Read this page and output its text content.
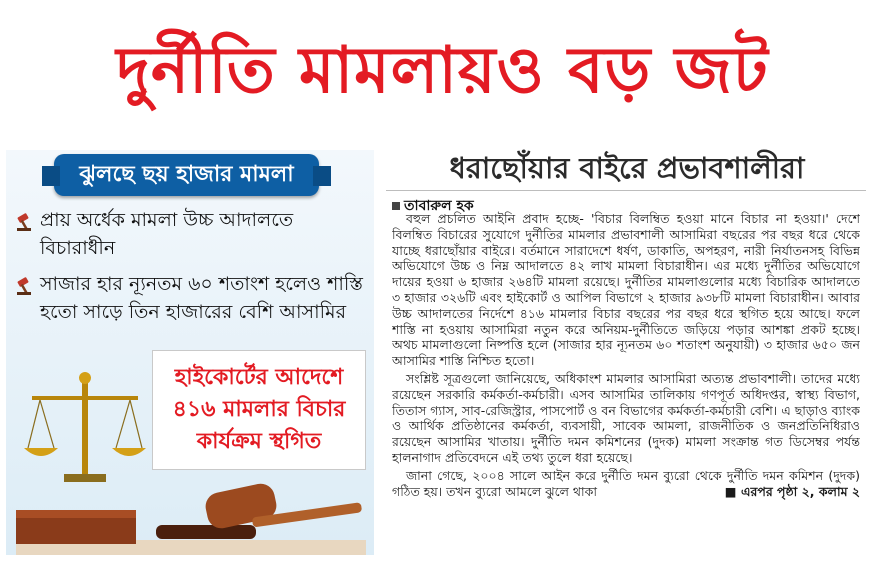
দুর্নীতি মামলায়ও বড় জট
ঝুলছে ছয় হাজার মামলা
প্রায় অর্ধেক মামলা উচ্চ আদালতে বিচারাধীন
সাজার হার ন্যূনতম ৬০ শতাংশ হলেও শাস্তি হতো সাড়ে তিন হাজারের বেশি আসামির
হাইকোর্টের আদেশে ৪১৬ মামলার বিচার কার্যক্রম স্থগিত
ধরাছোঁয়ার বাইরে প্রভাবশালীরা
তাবারুল হক

বহুল প্রচলিত আইনি প্রবাদ হচ্ছে- 'বিচার বিলম্বিত হওয়া মানে বিচার না হওয়া।' দেশে বিলম্বিত বিচারের সুযোগে দুর্নীতির মামলার প্রভাবশালী আসামিরা বছরের পর বছর ধরে থেকে যাচ্ছে ধরাছোঁয়ার বাইরে। বর্তমানে সারাদেশে ধর্ষণ, ডাকাতি, অপহরণ, নারী নির্যাতনসহ বিভিন্ন অভিযোগে উচ্চ ও নিম্ন আদালতে ৪২ লাখ মামলা বিচারাধীন। এর মধ্যে দুর্নীতির অভিযোগে দায়ের হওয়া ৬ হাজার ২৬৪টি মামলা রয়েছে। দুর্নীতির মামলাগুলোর মধ্যে বিচারিক আদালতে ৩ হাজার ৩২৬টি এবং হাইকোর্ট ও আপিল বিভাগে ২ হাজার ৯৩৮টি মামলা বিচারাধীন। আবার উচ্চ আদালতের নির্দেশে ৪১৬ মামলার বিচার বছরের পর বছর ধরে স্থগিত হয়ে আছে। ফলে শাস্তি না হওয়ায় আসামিরা নতুন করে অনিয়ম-দুর্নীতিতে জড়িয়ে পড়ার আশঙ্কা প্রকট হচ্ছে। অথচ মামলাগুলো নিষ্পত্তি হলে (সাজার হার ন্যূনতম ৬০ শতাংশ অনুযায়ী) ৩ হাজার ৬৫০ জন আসামির শাস্তি নিশ্চিত হতো।

সংশ্লিষ্ট সূত্রগুলো জানিয়েছে, অধিকাংশ মামলার আসামিরা অত্যন্ত প্রভাবশালী। তাদের মধ্যে রয়েছেন সরকারি কর্মকর্তা-কর্মচারী। এসব আসামির তালিকায় গণপূর্ত অধিদপ্তর, স্বাস্থ্য বিভাগ, তিতাস গ্যাস, সাব-রেজিস্ট্রার, পাসপোর্ট ও বন বিভাগের কর্মকর্তা-কর্মচারী বেশি। এ ছাড়াও ব্যাংক ও আর্থিক প্রতিষ্ঠানের কর্মকর্তা, ব্যবসায়ী, সাবেক আমলা, রাজনীতিক ও জনপ্রতিনিধিরাও রয়েছেন আসামির খাতায়। দুর্নীতি দমন কমিশনের (দুদক) মামলা সংক্রান্ত গত ডিসেম্বর পর্যন্ত হালনাগাদ প্রতিবেদনে এই তথ্য তুলে ধরা হয়েছে।

জানা গেছে, ২০০৪ সালে আইন করে দুর্নীতি দমন ব্যুরো থেকে দুর্নীতি দমন কমিশন (দুদক) গঠিত হয়। তখন ব্যুরো আমলে ঝুলে থাকা	■ এরপর পৃষ্ঠা ২, কলাম ২
